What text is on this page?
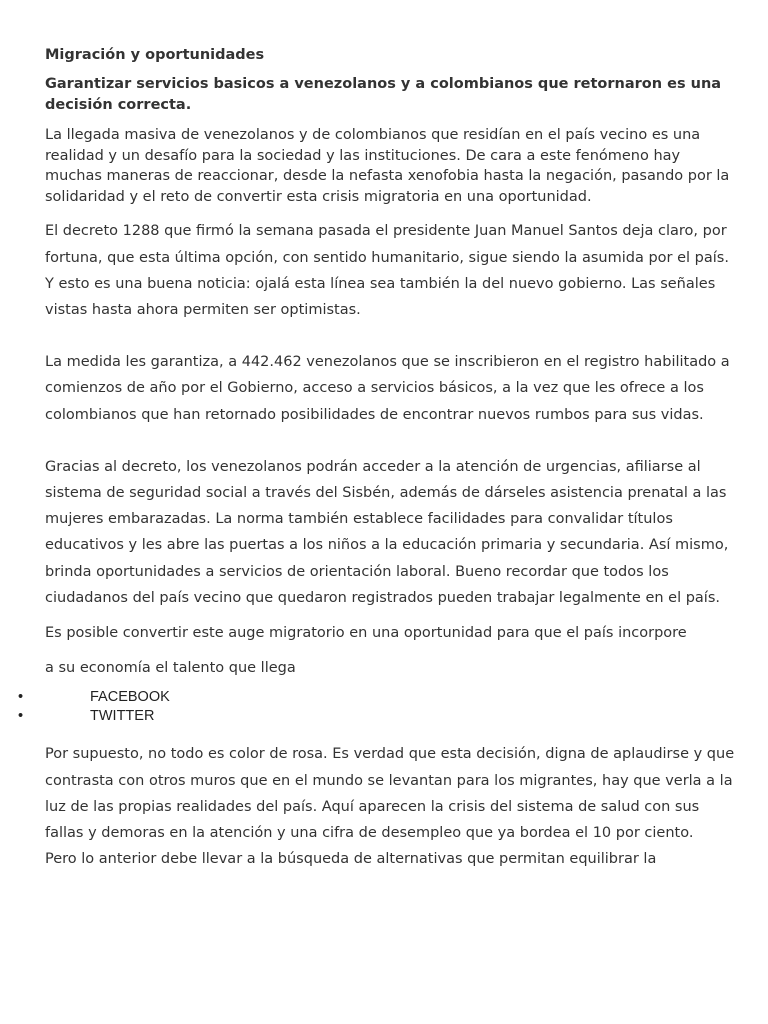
Migración y oportunidades
Garantizar servicios basicos a venezolanos y a colombianos que retornaron es una decisión correcta.

La llegada masiva de venezolanos y de colombianos que residían en el país vecino es una realidad y un desafío para la sociedad y las instituciones. De cara a este fenómeno hay muchas maneras de reaccionar, desde la nefasta xenofobia hasta la negación, pasando por la solidaridad y el reto de convertir esta crisis migratoria en una oportunidad.

El decreto 1288 que firmó la semana pasada el presidente Juan Manuel Santos deja claro, por fortuna, que esta última opción, con sentido humanitario, sigue siendo la asumida por el país. Y esto es una buena noticia: ojalá esta línea sea también la del nuevo gobierno. Las señales vistas hasta ahora permiten ser optimistas.

La medida les garantiza, a 442.462 venezolanos que se inscribieron en el registro habilitado a comienzos de año por el Gobierno, acceso a servicios básicos, a la vez que les ofrece a los colombianos que han retornado posibilidades de encontrar nuevos rumbos para sus vidas.

Gracias al decreto, los venezolanos podrán acceder a la atención de urgencias, afiliarse al sistema de seguridad social a través del Sisbén, además de dárseles asistencia prenatal a las mujeres embarazadas. La norma también establece facilidades para convalidar títulos educativos y les abre las puertas a los niños a la educación primaria y secundaria. Así mismo, brinda oportunidades a servicios de orientación laboral. Bueno recordar que todos los ciudadanos del país vecino que quedaron registrados pueden trabajar legalmente en el país.

Es posible convertir este auge migratorio en una oportunidad para que el país incorpore

a su economía el talento que llega

•	FACEBOOK
•	TWITTER

Por supuesto, no todo es color de rosa. Es verdad que esta decisión, digna de aplaudirse y que contrasta con otros muros que en el mundo se levantan para los migrantes, hay que verla a la luz de las propias realidades del país. Aquí aparecen la crisis del sistema de salud con sus fallas y demoras en la atención y una cifra de desempleo que ya bordea el 10 por ciento.

Pero lo anterior debe llevar a la búsqueda de alternativas que permitan equilibrar la
